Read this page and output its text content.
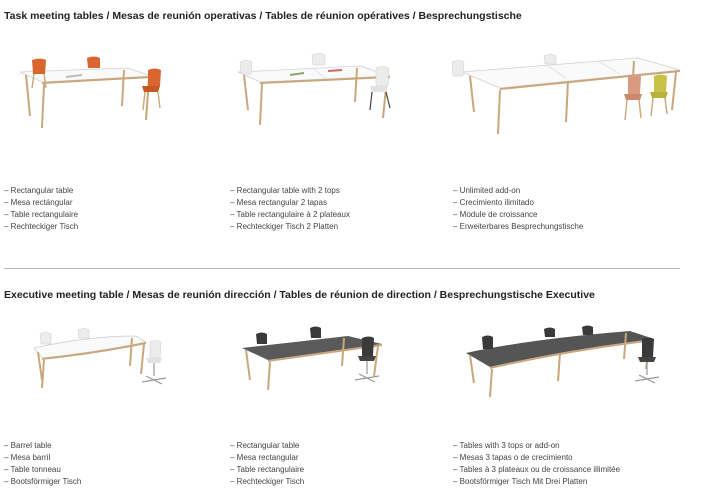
Task meeting tables / Mesas de reunión operativas / Tables de réunion opératives / Besprechungstische
– Rectangular table
– Mesa rectángular
– Table rectangulaire
– Rechteckiger Tisch
– Rectangular table with 2 tops
– Mesa rectangular 2 tapas
– Table rectangulaire à 2 plateaux
– Rechteckiger Tisch 2 Platten
– Unlimited add-on
– Crecimiento ilimitado
– Module de croissance
– Erweiterbares Besprechungstische
Executive meeting table / Mesas de reunión dirección / Tables de réunion de direction / Besprechungstische Executive
– Barrel table
– Mesa barril
– Table tonneau
– Bootsförmiger Tisch
– Rectangular table
– Mesa rectangular
– Table rectangulaire
– Rechteckiger Tisch
– Tables with 3 tops or add-on
– Mesas 3 tapas o de crecimiento
– Tables à 3 plateaux ou de croissance illimitée
– Bootsförmiger Tisch Mit Drei Platten
